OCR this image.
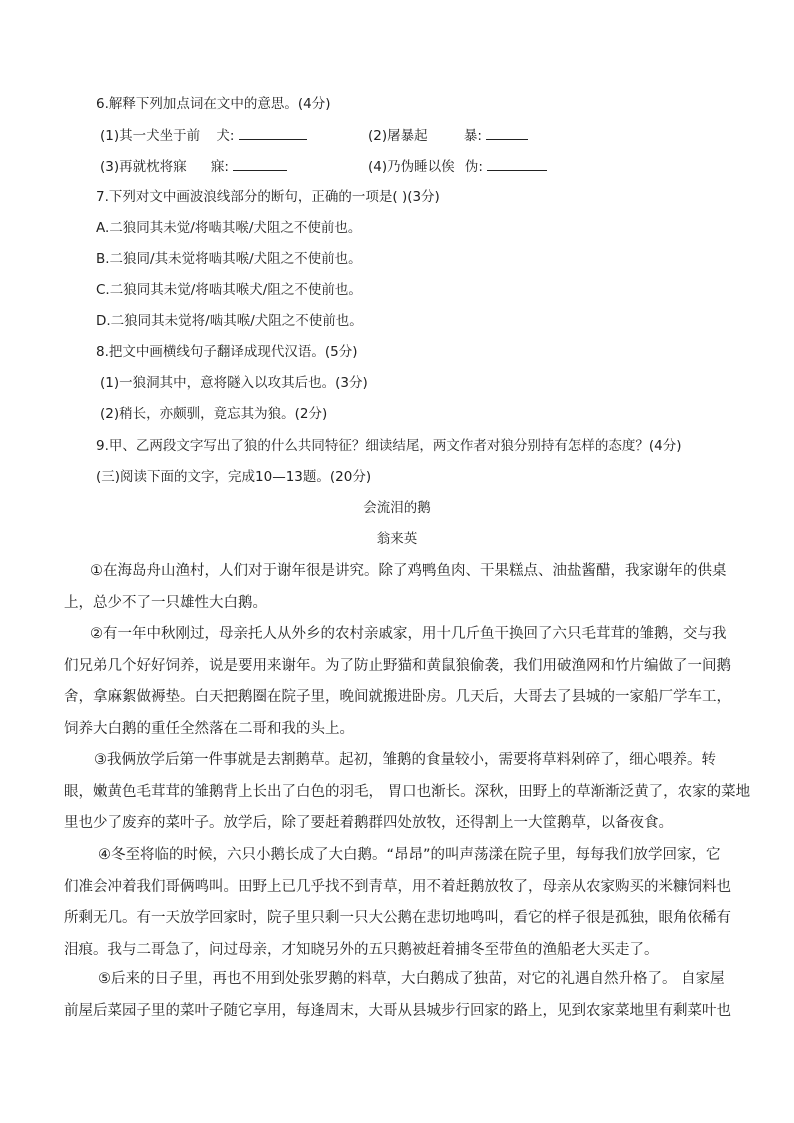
6.解释下列加点词在文中的意思。(4分)
(1)其一犬坐于前 犬:	(2)屠暴起	暴:
(3)再就枕将寐 寐:	(4)乃伪睡以俟 伪:
7.下列对文中画波浪线部分的断句，正确的一项是( )(3分)
A.二狼同其未觉/将啮其喉/犬阻之不使前也。
B.二狼同/其未觉将啮其喉/犬阻之不使前也。
C.二狼同其未觉/将啮其喉犬/阻之不使前也。
D.二狼同其未觉将/啮其喉/犬阻之不使前也。
8.把文中画横线句子翻译成现代汉语。(5分)
(1)一狼洞其中，意将隧入以攻其后也。(3分)
(2)稍长，亦颇驯，竟忘其为狼。(2分)
9.甲、乙两段文字写出了狼的什么共同特征？细读结尾，两文作者对狼分别持有怎样的态度？(4分)
(三)阅读下面的文字，完成10—13题。(20分)
会流泪的鹅
翁来英
①在海岛舟山渔村，人们对于谢年很是讲究。除了鸡鸭鱼肉、干果糕点、油盐酱醋，我家谢年的供桌
上，总少不了一只雄性大白鹅。
②有一年中秋刚过，母亲托人从外乡的农村亲戚家，用十几斤鱼干换回了六只毛茸茸的雏鹅，交与我
们兄弟几个好好饲养，说是要用来谢年。为了防止野猫和黄鼠狼偷袭，我们用破渔网和竹片编做了一间鹅
舍，拿麻絮做褥垫。白天把鹅圈在院子里，晚间就搬进卧房。几天后，大哥去了县城的一家船厂学车工，
饲养大白鹅的重任全然落在二哥和我的头上。
③我俩放学后第一件事就是去割鹅草。起初，雏鹅的食量较小，需要将草料剁碎了，细心喂养。转
眼，嫩黄色毛茸茸的雏鹅背上长出了白色的羽毛， 胃口也渐长。深秋，田野上的草渐渐泛黄了，农家的菜地
里也少了废弃的菜叶子。放学后，除了要赶着鹅群四处放牧，还得割上一大筐鹅草，以备夜食。
④冬至将临的时候，六只小鹅长成了大白鹅。“昂昂”的叫声荡漾在院子里，每每我们放学回家，它
们准会冲着我们哥俩鸣叫。田野上已几乎找不到青草，用不着赶鹅放牧了，母亲从农家购买的米糠饲料也
所剩无几。有一天放学回家时，院子里只剩一只大公鹅在悲切地鸣叫，看它的样子很是孤独，眼角依稀有
泪痕。我与二哥急了，问过母亲，才知晓另外的五只鹅被赶着捕冬至带鱼的渔船老大买走了。
⑤后来的日子里，再也不用到处张罗鹅的料草，大白鹅成了独苗，对它的礼遇自然升格了。 自家屋
前屋后菜园子里的菜叶子随它享用，每逢周末，大哥从县城步行回家的路上，见到农家菜地里有剩菜叶也
